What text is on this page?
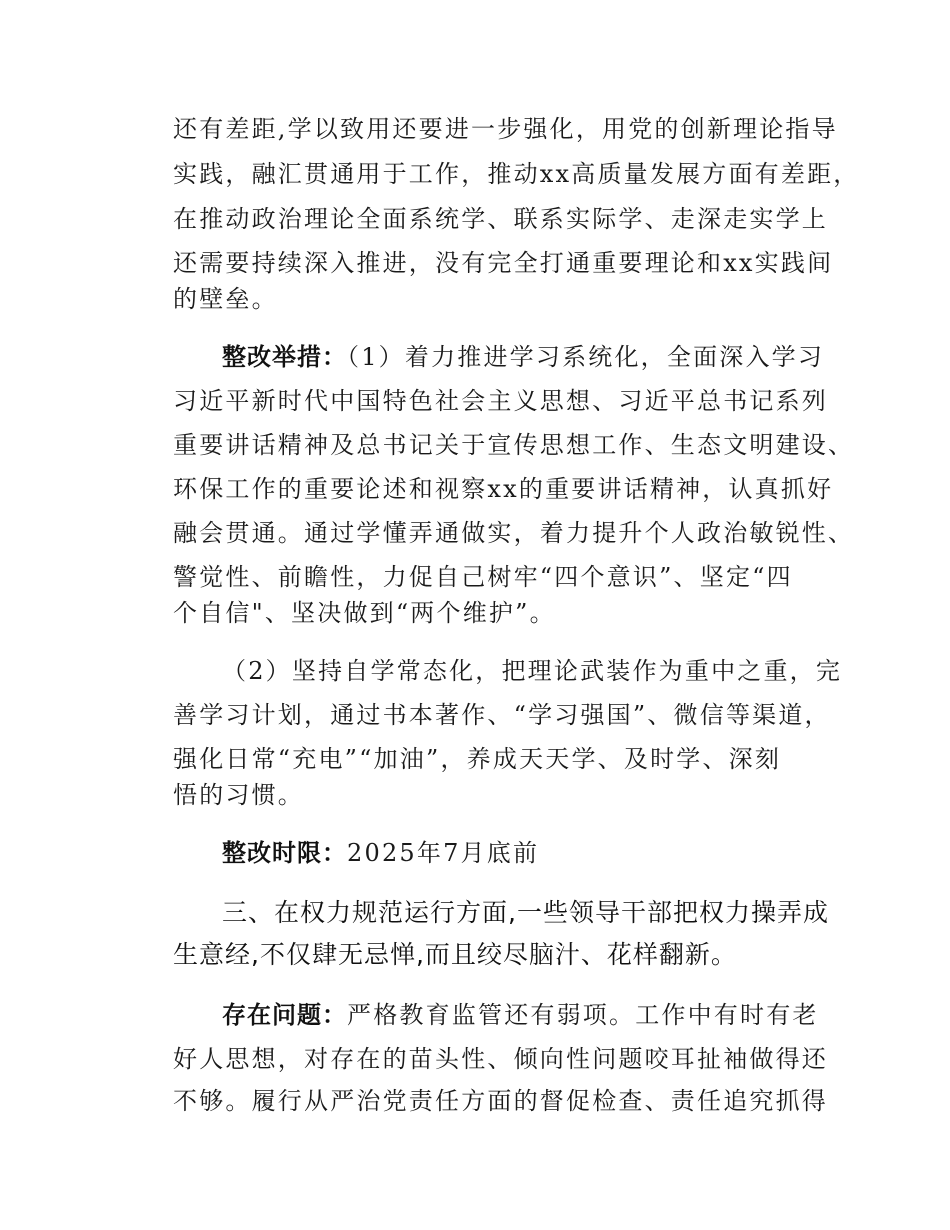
还有差距,学以致用还要进一步强化，用党的创新理论指导
实践，融汇贯通用于工作，推动xx高质量发展方面有差距，
在推动政治理论全面系统学、联系实际学、走深走实学上
还需要持续深入推进，没有完全打通重要理论和xx实践间
的壁垒。
整改举措：（1）着力推进学习系统化，全面深入学习
习近平新时代中国特色社会主义思想、习近平总书记系列
重要讲话精神及总书记关于宣传思想工作、生态文明建设、
环保工作的重要论述和视察xx的重要讲话精神，认真抓好
融会贯通。通过学懂弄通做实，着力提升个人政治敏锐性、
警觉性、前瞻性，力促自己树牢“四个意识”、坚定“四
个自信"、坚决做到“两个维护”。
（2）坚持自学常态化，把理论武装作为重中之重，完
善学习计划，通过书本著作、“学习强国”、微信等渠道，
强化日常“充电”“加油”，养成天天学、及时学、深刻
悟的习惯。
整改时限：2025年7月底前
三、在权力规范运行方面,一些领导干部把权力操弄成
生意经,不仅肆无忌惮,而且绞尽脑汁、花样翻新。
存在问题：严格教育监管还有弱项。工作中有时有老
好人思想，对存在的苗头性、倾向性问题咬耳扯袖做得还
不够。履行从严治党责任方面的督促检查、责任追究抓得
